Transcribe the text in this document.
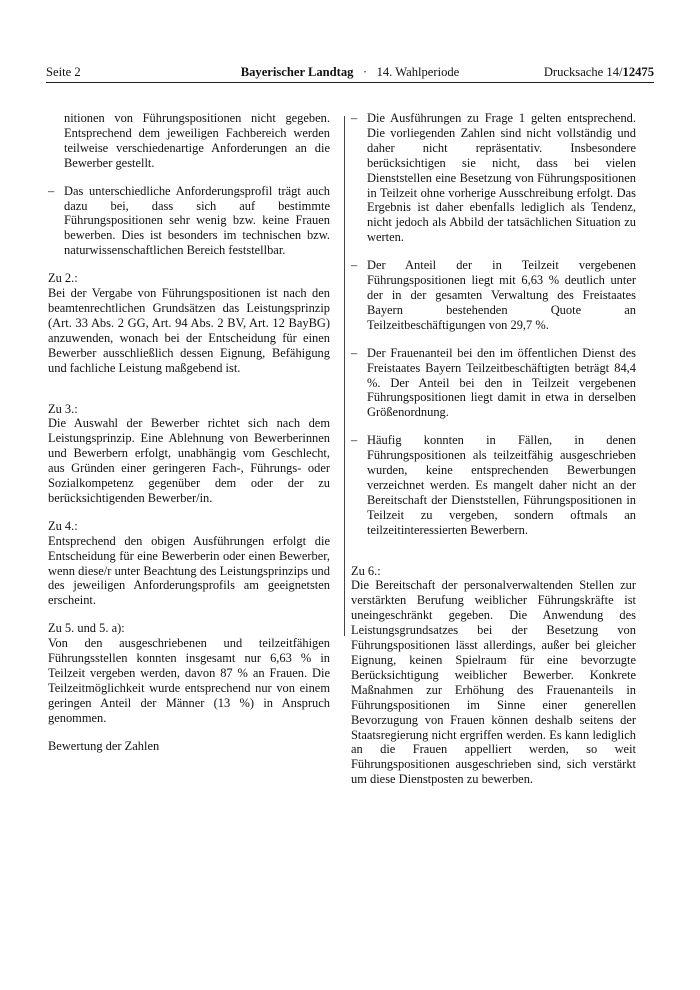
Seite 2	Bayerischer Landtag · 14. Wahlperiode	Drucksache 14/12475

nitionen von Führungspositionen nicht gegeben. Entsprechend dem jeweiligen Fachbereich werden teilweise verschiedenartige Anforderungen an die Bewerber gestellt.

– Das unterschiedliche Anforderungsprofil trägt auch dazu bei, dass sich auf bestimmte Führungspositionen sehr wenig bzw. keine Frauen bewerben. Dies ist besonders im technischen bzw. naturwissenschaftlichen Bereich feststellbar.

Zu 2.:

Bei der Vergabe von Führungspositionen ist nach den beamtenrechtlichen Grundsätzen das Leistungsprinzip (Art. 33 Abs. 2 GG, Art. 94 Abs. 2 BV, Art. 12 BayBG) anzuwenden, wonach bei der Entscheidung für einen Bewerber ausschließlich dessen Eignung, Befähigung und fachliche Leistung maßgebend ist.

Zu 3.:

Die Auswahl der Bewerber richtet sich nach dem Leistungsprinzip. Eine Ablehnung von Bewerberinnen und Bewerbern erfolgt, unabhängig vom Geschlecht, aus Gründen einer geringeren Fach-, Führungs- oder Sozialkompetenz gegenüber dem oder der zu berücksichtigenden Bewerber/in.

Zu 4.:

Entsprechend den obigen Ausführungen erfolgt die Entscheidung für eine Bewerberin oder einen Bewerber, wenn diese/r unter Beachtung des Leistungsprinzips und des jeweiligen Anforderungsprofils am geeignetsten erscheint.

Zu 5. und 5. a):

Von den ausgeschriebenen und teilzeitfähigen Führungsstellen konnten insgesamt nur 6,63 % in Teilzeit vergeben werden, davon 87 % an Frauen. Die Teilzeitmöglichkeit wurde entsprechend nur von einem geringen Anteil der Männer (13 %) in Anspruch genommen.

Bewertung der Zahlen

– Die Ausführungen zu Frage 1 gelten entsprechend. Die vorliegenden Zahlen sind nicht vollständig und daher nicht repräsentativ. Insbesondere berücksichtigen sie nicht, dass bei vielen Dienststellen eine Besetzung von Führungspositionen in Teilzeit ohne vorherige Ausschreibung erfolgt. Das Ergebnis ist daher ebenfalls lediglich als Tendenz, nicht jedoch als Abbild der tatsächlichen Situation zu werten.
– Der Anteil der in Teilzeit vergebenen Führungspositionen liegt mit 6,63 % deutlich unter der in der gesamten Verwaltung des Freistaates Bayern bestehenden Quote an Teilzeitbeschäftigungen von 29,7 %.
– Der Frauenanteil bei den im öffentlichen Dienst des Freistaates Bayern Teilzeitbeschäftigten beträgt 84,4 %. Der Anteil bei den in Teilzeit vergebenen Führungspositionen liegt damit in etwa in derselben Größenordnung.
– Häufig konnten in Fällen, in denen Führungspositionen als teilzeitfähig ausgeschrieben wurden, keine entsprechenden Bewerbungen verzeichnet werden. Es mangelt daher nicht an der Bereitschaft der Dienststellen, Führungspositionen in Teilzeit zu vergeben, sondern oftmals an teilzeitinteressierten Bewerbern.

Zu 6.:

Die Bereitschaft der personalverwaltenden Stellen zur verstärkten Berufung weiblicher Führungskräfte ist uneingeschränkt gegeben. Die Anwendung des Leistungsgrundsatzes bei der Besetzung von Führungspositionen lässt allerdings, außer bei gleicher Eignung, keinen Spielraum für eine bevorzugte Berücksichtigung weiblicher Bewerber. Konkrete Maßnahmen zur Erhöhung des Frauenanteils in Führungspositionen im Sinne einer generellen Bevorzugung von Frauen können deshalb seitens der Staatsregierung nicht ergriffen werden. Es kann lediglich an die Frauen appelliert werden, so weit Führungspositionen ausgeschrieben sind, sich verstärkt um diese Dienstposten zu bewerben.
